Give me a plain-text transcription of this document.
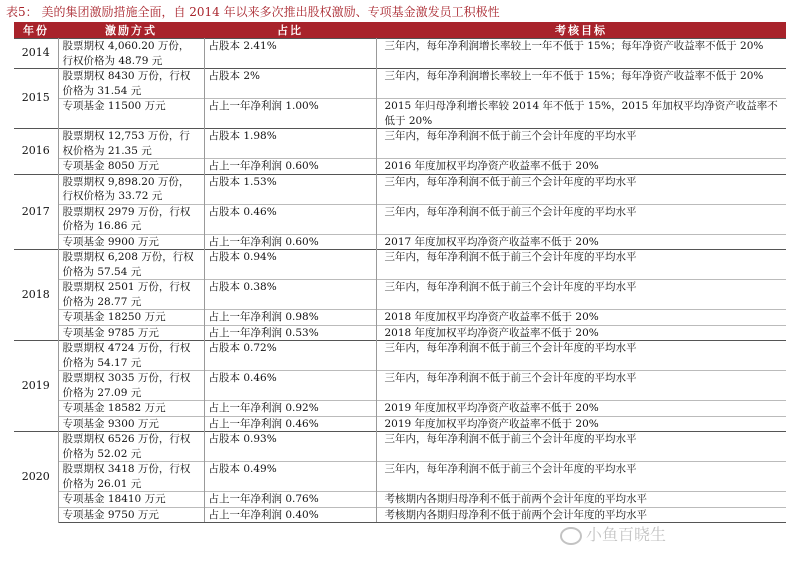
表5： 美的集团激励措施全面，自 2014 年以来多次推出股权激励、专项基金激发员工积极性
年份	激励方式	占比	考核目标
2014	股票期权 4,060.20 万份，行权价格为 48.79 元	占股本 2.41%	三年内，每年净利润增长率较上一年不低于 15%；每年净资产收益率不低于 20%
2015	股票期权 8430 万份，行权价格为 31.54 元	占股本 2%	三年内，每年净利润增长率较上一年不低于 15%；每年净资产收益率不低于 20%
	专项基金 11500 万元	占上一年净利润 1.00%	2015 年归母净利增长率较 2014 年不低于 15%，2015 年加权平均净资产收益率不低于 20%
2016	股票期权 12,753 万份，行权价格为 21.35 元	占股本 1.98%	三年内，每年净利润不低于前三个会计年度的平均水平
	专项基金 8050 万元	占上一年净利润 0.60%	2016 年度加权平均净资产收益率不低于 20%
2017	股票期权 9,898.20 万份，行权价格为 33.72 元	占股本 1.53%	三年内，每年净利润不低于前三个会计年度的平均水平
	股票期权 2979 万份，行权价格为 16.86 元	占股本 0.46%	三年内，每年净利润不低于前三个会计年度的平均水平
	专项基金 9900 万元	占上一年净利润 0.60%	2017 年度加权平均净资产收益率不低于 20%
2018	股票期权 6,208 万份，行权价格为 57.54 元	占股本 0.94%	三年内，每年净利润不低于前三个会计年度的平均水平
	股票期权 2501 万份，行权价格为 28.77 元	占股本 0.38%	三年内，每年净利润不低于前三个会计年度的平均水平
	专项基金 18250 万元	占上一年净利润 0.98%	2018 年度加权平均净资产收益率不低于 20%
	专项基金 9785 万元	占上一年净利润 0.53%	2018 年度加权平均净资产收益率不低于 20%
2019	股票期权 4724 万份，行权价格为 54.17 元	占股本 0.72%	三年内，每年净利润不低于前三个会计年度的平均水平
	股票期权 3035 万份，行权价格为 27.09 元	占股本 0.46%	三年内，每年净利润不低于前三个会计年度的平均水平
	专项基金 18582 万元	占上一年净利润 0.92%	2019 年度加权平均净资产收益率不低于 20%
	专项基金 9300 万元	占上一年净利润 0.46%	2019 年度加权平均净资产收益率不低于 20%
2020	股票期权 6526 万份，行权价格为 52.02 元	占股本 0.93%	三年内，每年净利润不低于前三个会计年度的平均水平
	股票期权 3418 万份，行权价格为 26.01 元	占股本 0.49%	三年内，每年净利润不低于前三个会计年度的平均水平
	专项基金 18410 万元	占上一年净利润 0.76%	考核期内各期归母净利不低于前两个会计年度的平均水平
	专项基金 9750 万元	占上一年净利润 0.40%	考核期内各期归母净利不低于前两个会计年度的平均水平
小鱼百晓生
